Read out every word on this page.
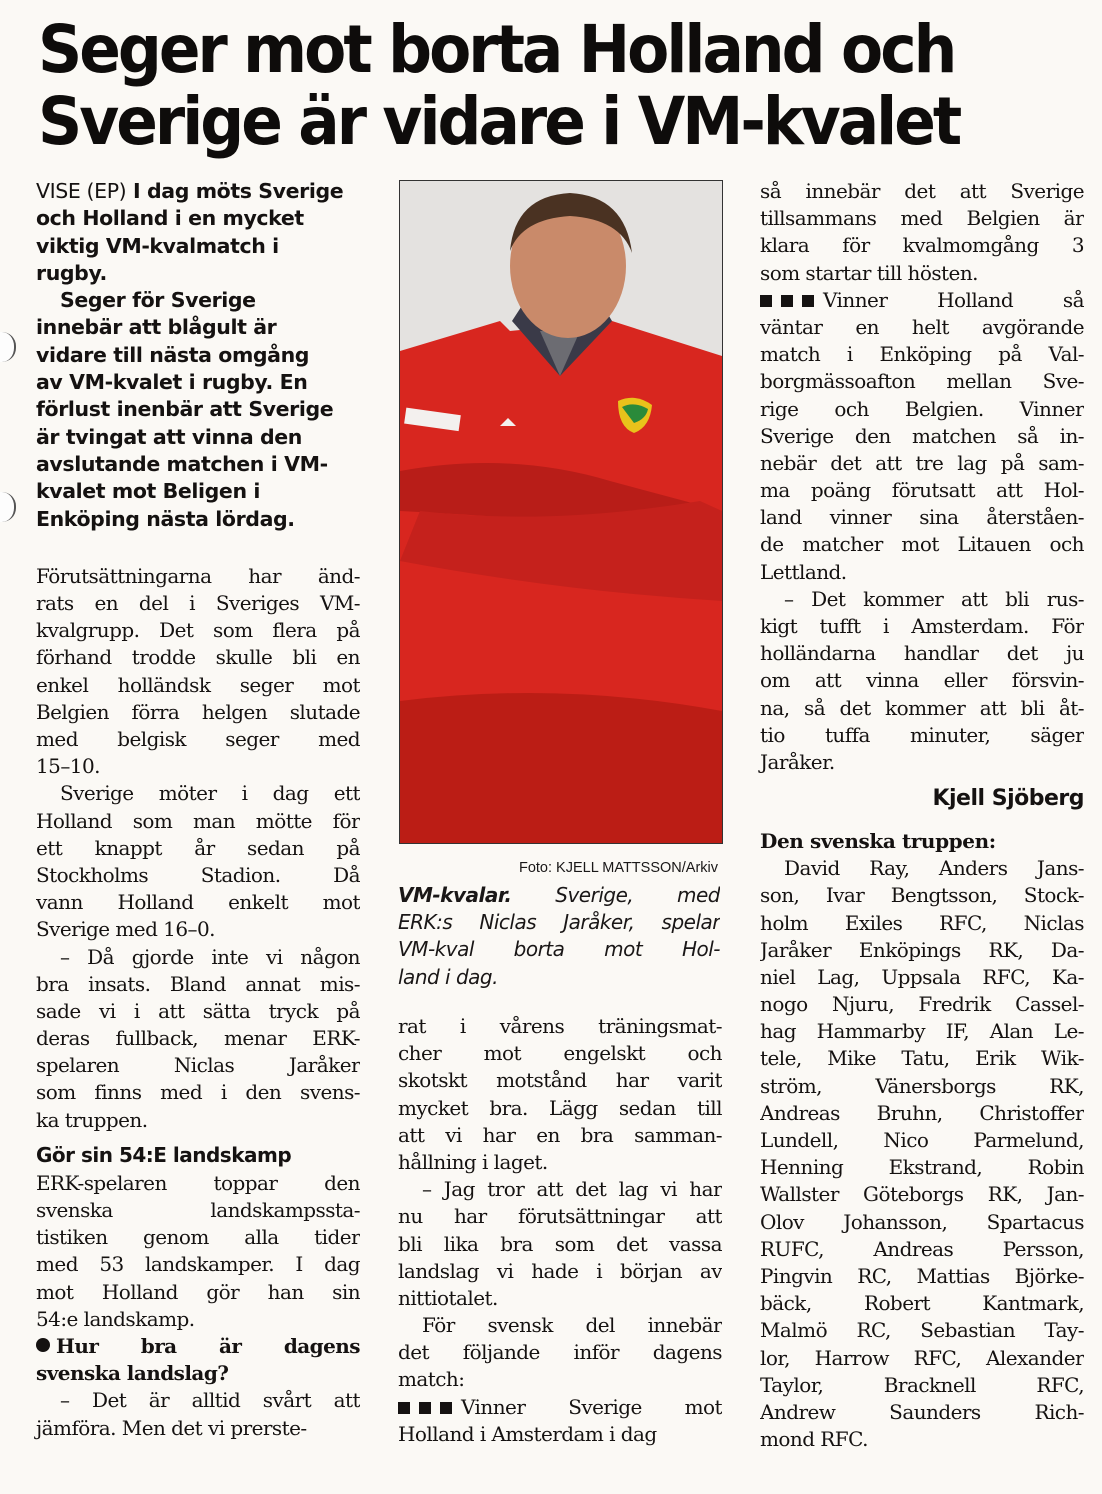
Seger mot borta Holland och
Sverige är vidare i VM-kvalet
VISE (EP) I dag möts Sverige
och Holland i en mycket
viktig VM-kvalmatch i
rugby.
Seger för Sverige
innebär att blågult är
vidare till nästa omgång
av VM-kvalet i rugby. En
förlust inenbär att Sverige
är tvingat att vinna den
avslutande matchen i VM-
kvalet mot Beligen i
Enköping nästa lördag.
Förutsättningarna har änd-
rats en del i Sveriges VM-
kvalgrupp. Det som flera på
förhand trodde skulle bli en
enkel holländsk seger mot
Belgien förra helgen slutade
med belgisk seger med
15–10.
Sverige möter i dag ett
Holland som man mötte för
ett knappt år sedan på
Stockholms Stadion. Då
vann Holland enkelt mot
Sverige med 16–0.
– Då gjorde inte vi någon
bra insats. Bland annat mis-
sade vi i att sätta tryck på
deras fullback, menar ERK-
spelaren Niclas Jaråker
som finns med i den svens-
ka truppen.
Gör sin 54:E landskamp
ERK-spelaren toppar den
svenska landskampssta-
tistiken genom alla tider
med 53 landskamper. I dag
mot Holland gör han sin
54:e landskamp.
Hur bra är dagens
svenska landslag?
– Det är alltid svårt att
jämföra. Men det vi prerste-
Foto: KJELL MATTSSON/Arkiv
VM-kvalar. Sverige, med
ERK:s Niclas Jaråker, spelar
VM-kval borta mot Hol-
land i dag.
rat i vårens träningsmat-
cher mot engelskt och
skotskt motstånd har varit
mycket bra. Lägg sedan till
att vi har en bra samman-
hållning i laget.
– Jag tror att det lag vi har
nu har förutsättningar att
bli lika bra som det vassa
landslag vi hade i början av
nittiotalet.
För svensk del innebär
det följande inför dagens
match:
Vinner Sverige mot
Holland i Amsterdam i dag
så innebär det att Sverige
tillsammans med Belgien är
klara för kvalmomgång 3
som startar till hösten.
Vinner Holland så
väntar en helt avgörande
match i Enköping på Val-
borgmässoafton mellan Sve-
rige och Belgien. Vinner
Sverige den matchen så in-
nebär det att tre lag på sam-
ma poäng förutsatt att Hol-
land vinner sina återståen-
de matcher mot Litauen och
Lettland.
– Det kommer att bli rus-
kigt tufft i Amsterdam. För
holländarna handlar det ju
om att vinna eller försvin-
na, så det kommer att bli åt-
tio tuffa minuter, säger
Jaråker.
Kjell Sjöberg
Den svenska truppen:
David Ray, Anders Jans-
son, Ivar Bengtsson, Stock-
holm Exiles RFC, Niclas
Jaråker Enköpings RK, Da-
niel Lag, Uppsala RFC, Ka-
nogo Njuru, Fredrik Cassel-
hag Hammarby IF, Alan Le-
tele, Mike Tatu, Erik Wik-
ström, Vänersborgs RK,
Andreas Bruhn, Christoffer
Lundell, Nico Parmelund,
Henning Ekstrand, Robin
Wallster Göteborgs RK, Jan-
Olov Johansson, Spartacus
RUFC, Andreas Persson,
Pingvin RC, Mattias Björke-
bäck, Robert Kantmark,
Malmö RC, Sebastian Tay-
lor, Harrow RFC, Alexander
Taylor, Bracknell RFC,
Andrew Saunders Rich-
mond RFC.
